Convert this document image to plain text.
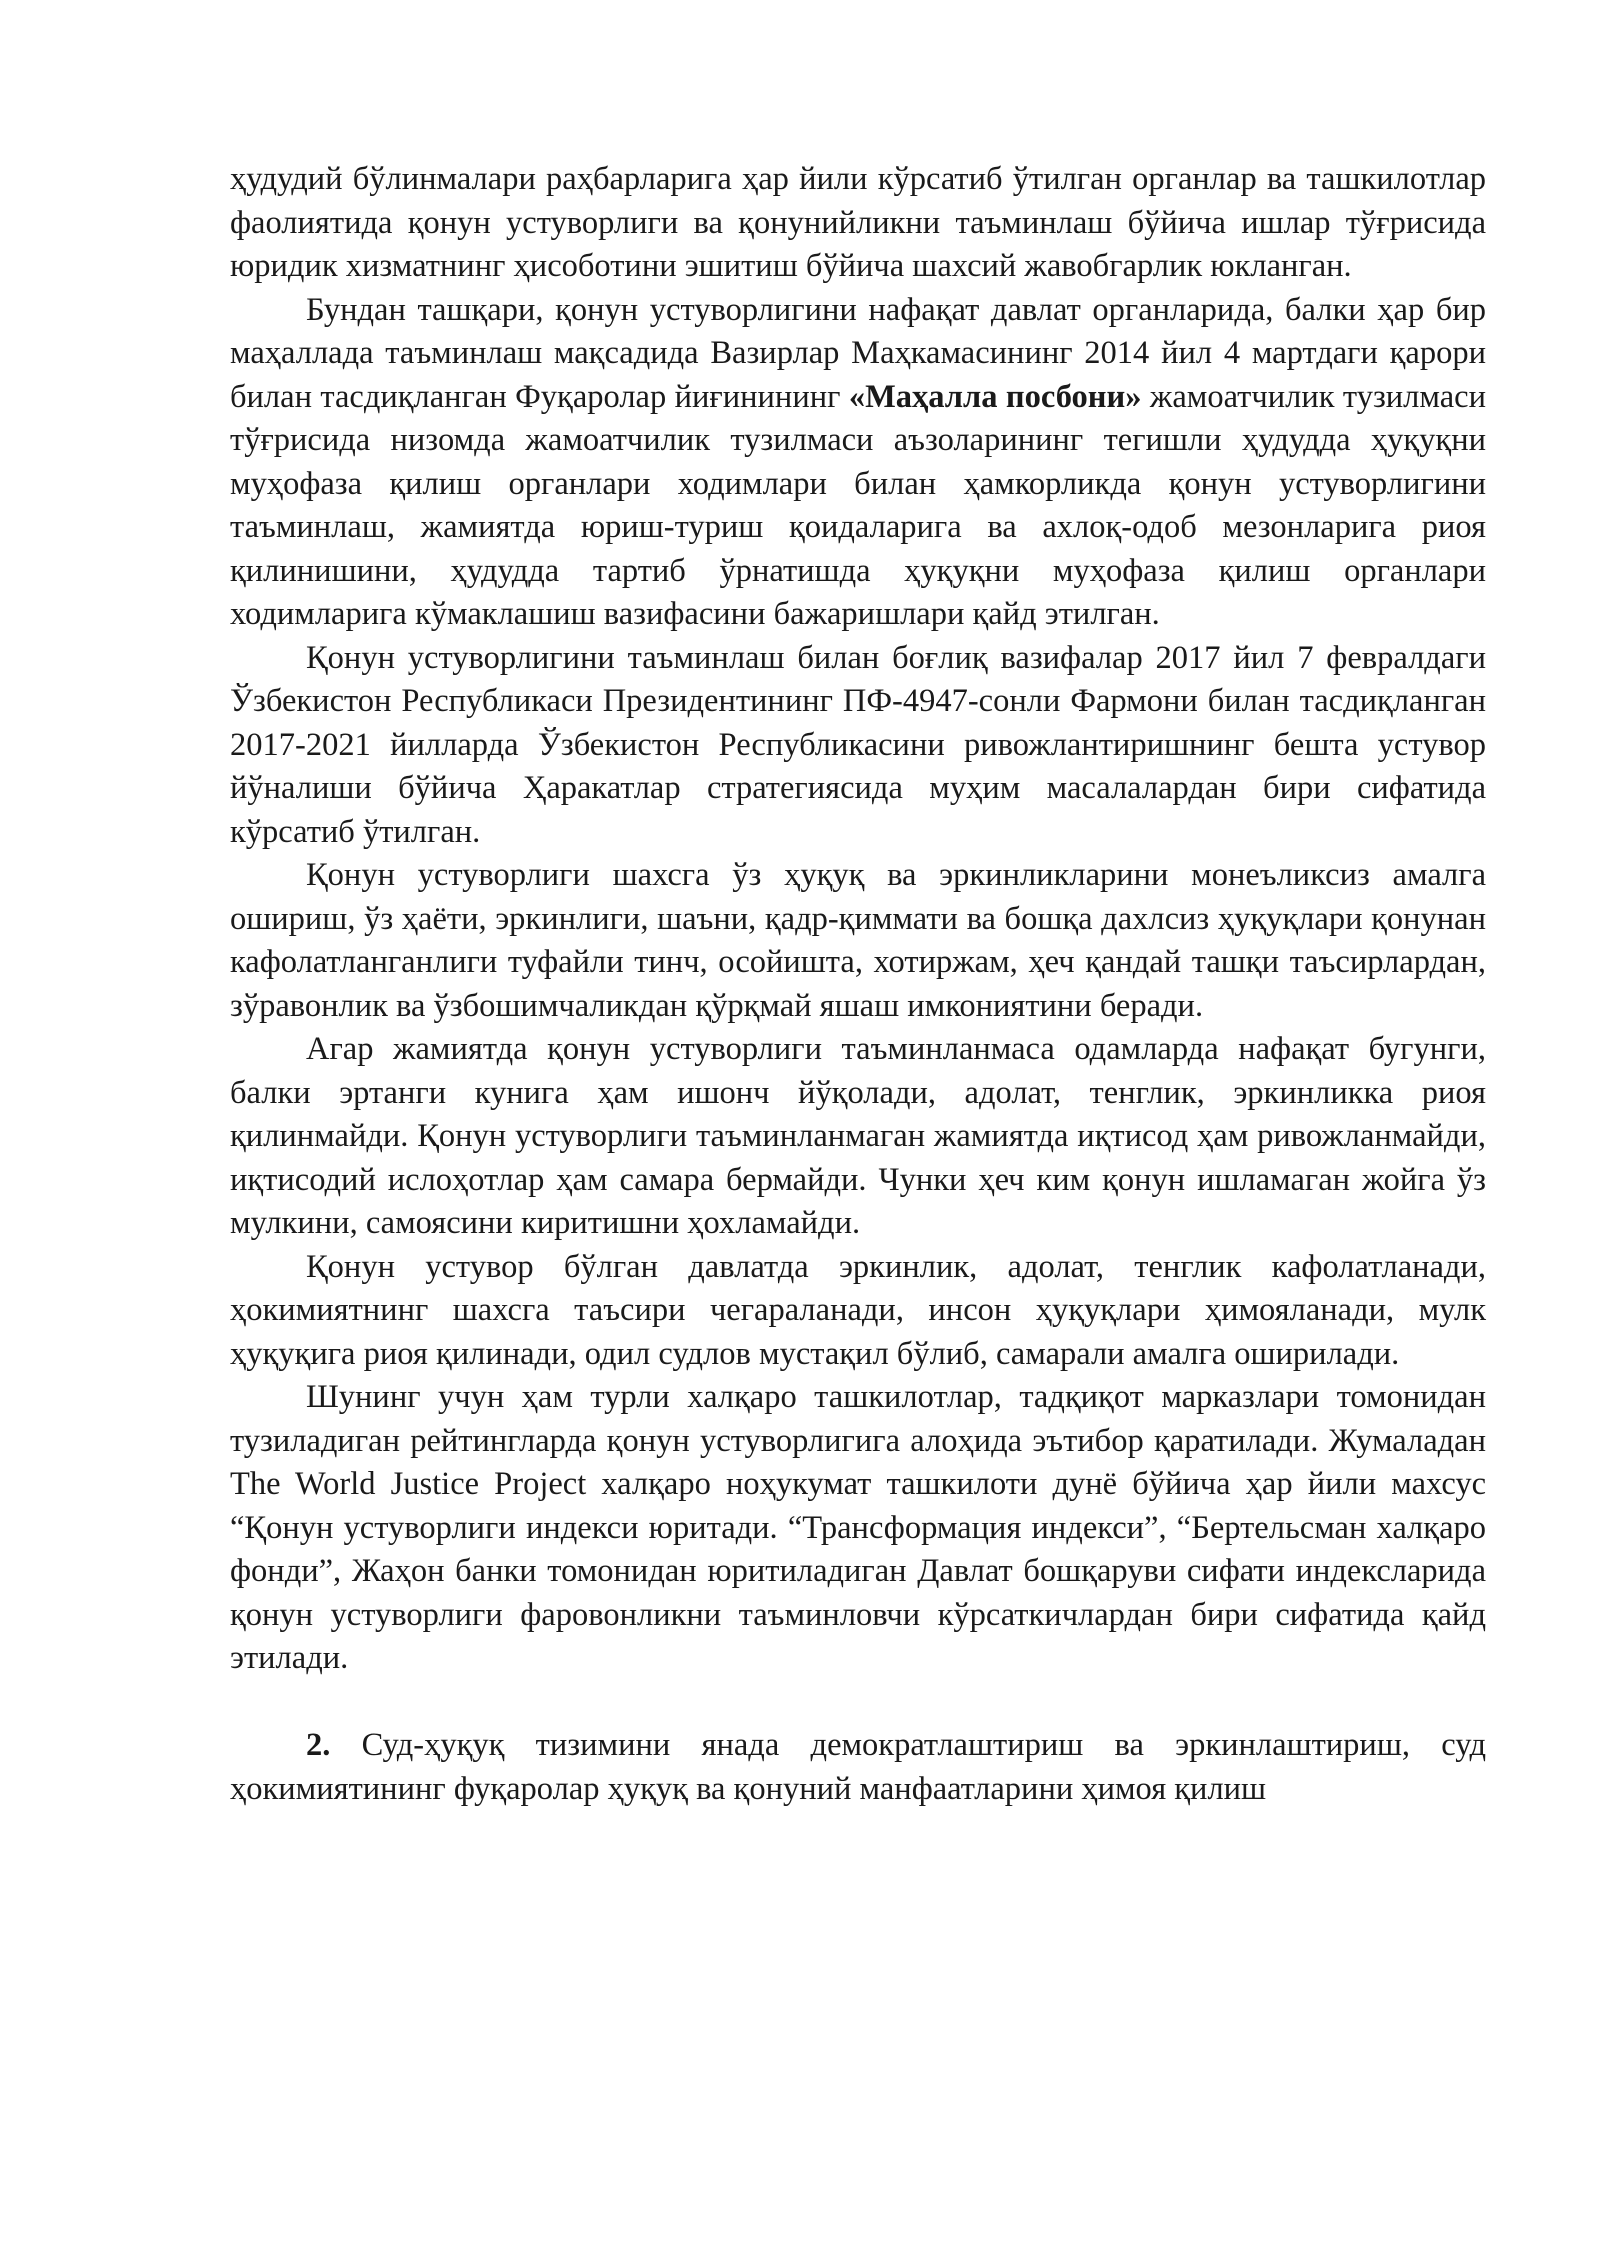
ҳудудий бўлинмалари раҳбарларига ҳар йили кўрсатиб ўтилган органлар ва ташкилотлар фаолиятида қонун устуворлиги ва қонунийликни таъминлаш бўйича ишлар тўғрисида юридик хизматнинг ҳисоботини эшитиш бўйича шахсий жавобгарлик юкланган.

Бундан ташқари, қонун устуворлигини нафақат давлат органларида, балки ҳар бир маҳаллада таъминлаш мақсадида Вазирлар Маҳкамасининг 2014 йил 4 мартдаги қарори билан тасдиқланган Фуқаролар йиғинининг «Маҳалла посбони» жамоатчилик тузилмаси тўғрисида низомда жамоатчилик тузилмаси аъзоларининг тегишли ҳудудда ҳуқуқни муҳофаза қилиш органлари ходимлари билан ҳамкорликда қонун устуворлигини таъминлаш, жамиятда юриш-туриш қоидаларига ва ахлоқ-одоб мезонларига риоя қилинишини, ҳудудда тартиб ўрнатишда ҳуқуқни муҳофаза қилиш органлари ходимларига кўмаклашиш вазифасини бажаришлари қайд этилган.

Қонун устуворлигини таъминлаш билан боғлиқ вазифалар 2017 йил 7 февралдаги Ўзбекистон Республикаси Президентининг ПФ-4947-сонли Фармони билан тасдиқланган 2017-2021 йилларда Ўзбекистон Республикасини ривожлантиришнинг бешта устувор йўналиши бўйича Ҳаракатлар стратегиясида муҳим масалалардан бири сифатида кўрсатиб ўтилган.

Қонун устуворлиги шахсга ўз ҳуқуқ ва эркинликларини монеъликсиз амалга ошириш, ўз ҳаёти, эркинлиги, шаъни, қадр-қиммати ва бошқа дахлсиз ҳуқуқлари қонунан кафолатланганлиги туфайли тинч, осойишта, хотиржам, ҳеч қандай ташқи таъсирлардан, зўравонлик ва ўзбошимчаликдан қўрқмай яшаш имкониятини беради.

Агар жамиятда қонун устуворлиги таъминланмаса одамларда нафақат бугунги, балки эртанги кунига ҳам ишонч йўқолади, адолат, тенглик, эркинликка риоя қилинмайди. Қонун устуворлиги таъминланмаган жамиятда иқтисод ҳам ривожланмайди, иқтисодий ислоҳотлар ҳам самара бермайди. Чунки ҳеч ким қонун ишламаган жойга ўз мулкини, самоясини киритишни ҳохламайди.

Қонун устувор бўлган давлатда эркинлик, адолат, тенглик кафолатланади, ҳокимиятнинг шахсга таъсири чегараланади, инсон ҳуқуқлари ҳимояланади, мулк ҳуқуқига риоя қилинади, одил судлов мустақил бўлиб, самарали амалга оширилади.

Шунинг учун ҳам турли халқаро ташкилотлар, тадқиқот марказлари томонидан тузиладиган рейтингларда қонун устуворлигига алоҳида эътибор қаратилади. Жумаладан The World Justice Project халқаро ноҳукумат ташкилоти дунё бўйича ҳар йили махсус “Қонун устуворлиги индекси юритади. “Трансформация индекси”, “Бертельсман халқаро фонди”, Жаҳон банки томонидан юритиладиган Давлат бошқаруви сифати индексларида қонун устуворлиги фаровонликни таъминловчи кўрсаткичлардан бири сифатида қайд этилади.

2. Суд-ҳуқуқ тизимини янада демократлаштириш ва эркинлаштириш, суд ҳокимиятининг фуқаролар ҳуқуқ ва қонуний манфаатларини ҳимоя қилиш
